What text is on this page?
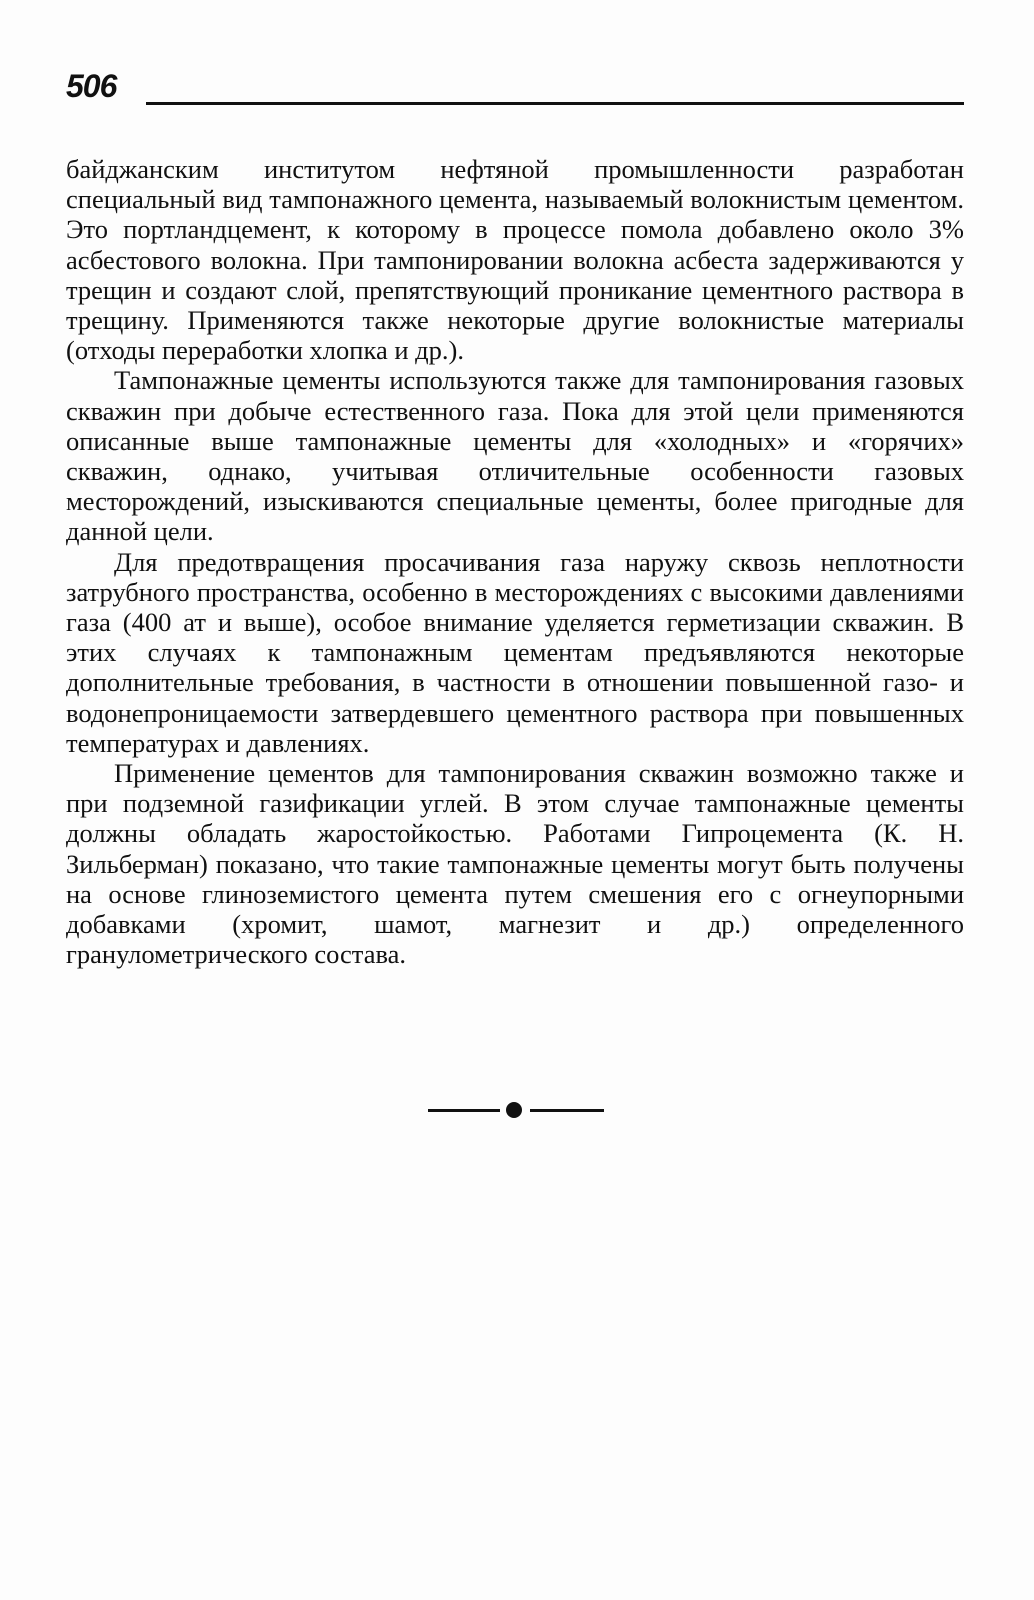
506

байджанским институтом нефтяной промышленности разработан специальный вид тампонажного цемента, называемый волокнистым цементом. Это портландцемент, к которому в процессе помола добавлено около 3% асбестового волокна. При тампонировании волокна асбеста задерживаются у трещин и создают слой, препятствующий проникание цементного раствора в трещину. Применяются также некоторые другие волокнистые материалы (отходы переработки хлопка и др.).

Тампонажные цементы используются также для тампонирования газовых скважин при добыче естественного газа. Пока для этой цели применяются описанные выше тампонажные цементы для «холодных» и «горячих» скважин, однако, учитывая отличительные особенности газовых месторождений, изыскиваются специальные цементы, более пригодные для данной цели.

Для предотвращения просачивания газа наружу сквозь неплотности затрубного пространства, особенно в месторождениях с высокими давлениями газа (400 ат и выше), особое внимание уделяется герметизации скважин. В этих случаях к тампонажным цементам предъявляются некоторые дополнительные требования, в частности в отношении повышенной газо- и водонепроницаемости затвердевшего цементного раствора при повышенных температурах и давлениях.

Применение цементов для тампонирования скважин возможно также и при подземной газификации углей. В этом случае тампонажные цементы должны обладать жаростойкостью. Работами Гипроцемента (К. Н. Зильберман) показано, что такие тампонажные цементы могут быть получены на основе глиноземистого цемента путем смешения его с огнеупорными добавками (хромит, шамот, магнезит и др.) определенного гранулометрического состава.
